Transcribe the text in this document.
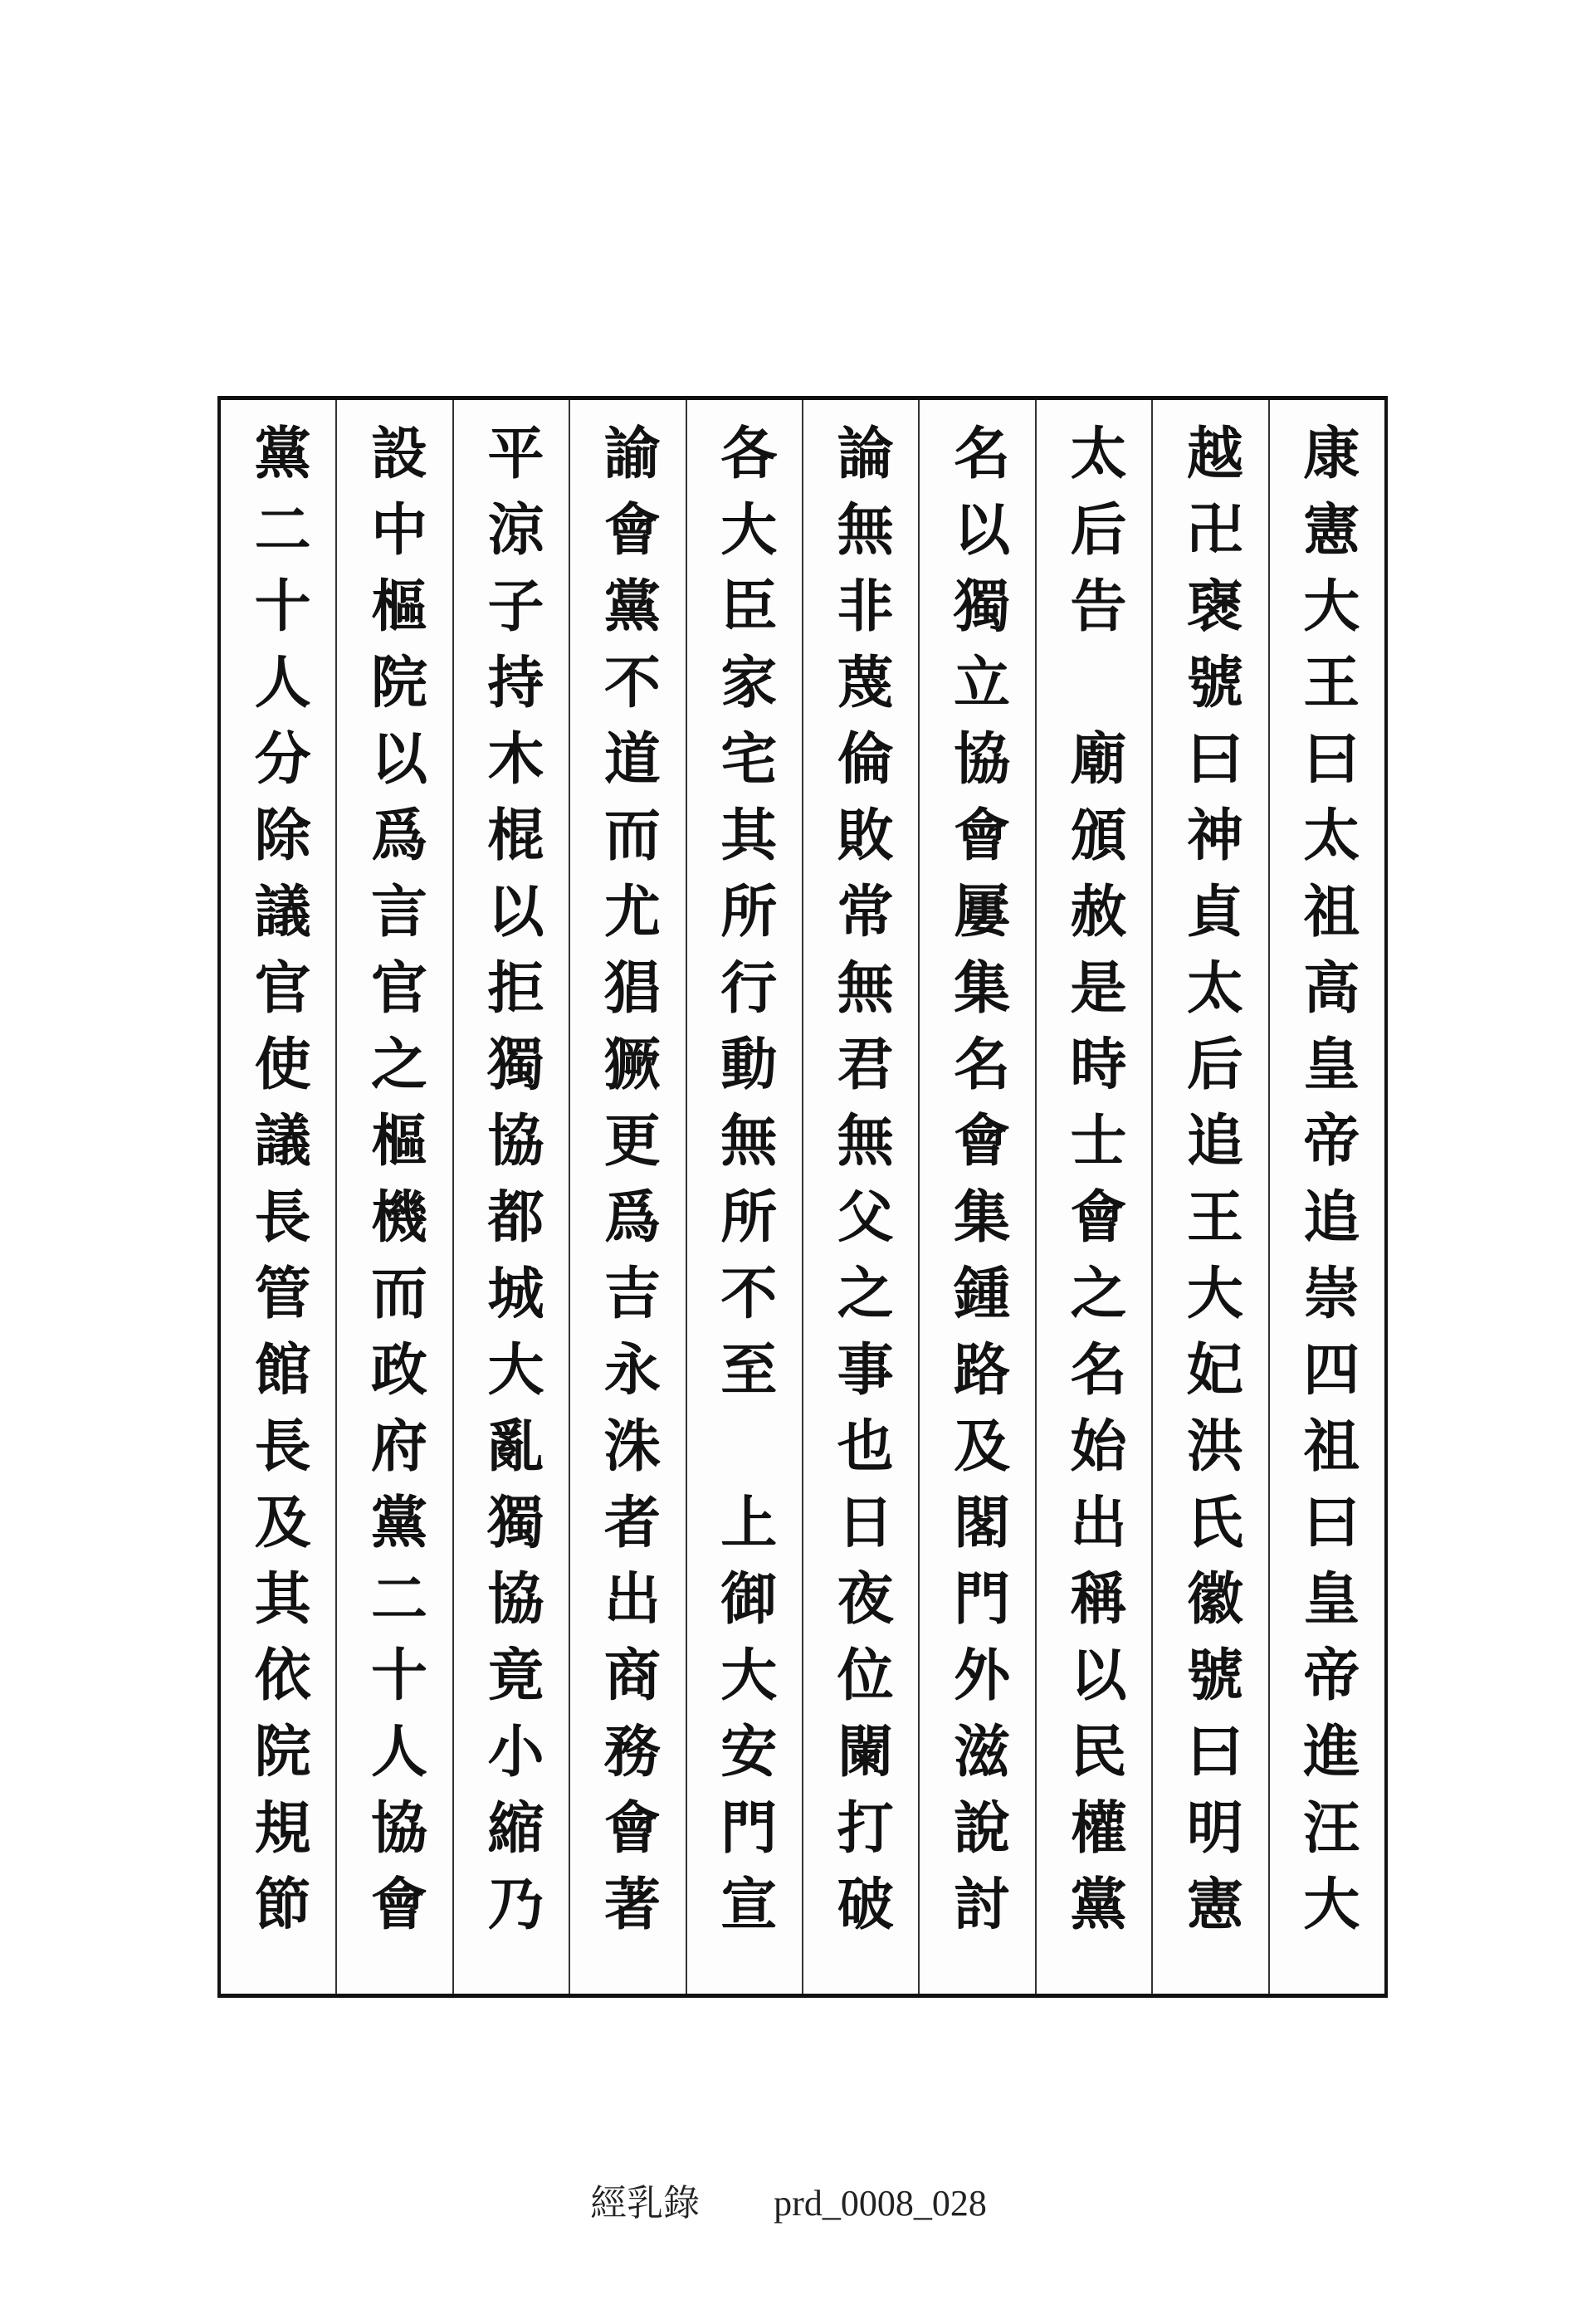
康憲大王曰太祖高皇帝追崇四祖曰皇帝進汪大
越卍襃號曰神貞太后追王大妃洪氏徽號曰明憲
太后告　廟頒赦是時士會之名始出稱以民權黨
名以獨立協會屢集名會集鍾路及閣門外滋說討
論無非蔑倫敗常無君無父之事也日夜位闌打破
各大臣家宅其所行動無所不至　上御大安門宣
諭會黨不道而尤猖獗更爲吉永洙者出商務會著
平涼子持木棍以拒獨協都城大亂獨協竟小縮乃
設中樞院以爲言官之樞機而政府黨二十人協會
黨二十人分除議官使議長管館長及其依院規節
經乳錄 prd_0008_028
